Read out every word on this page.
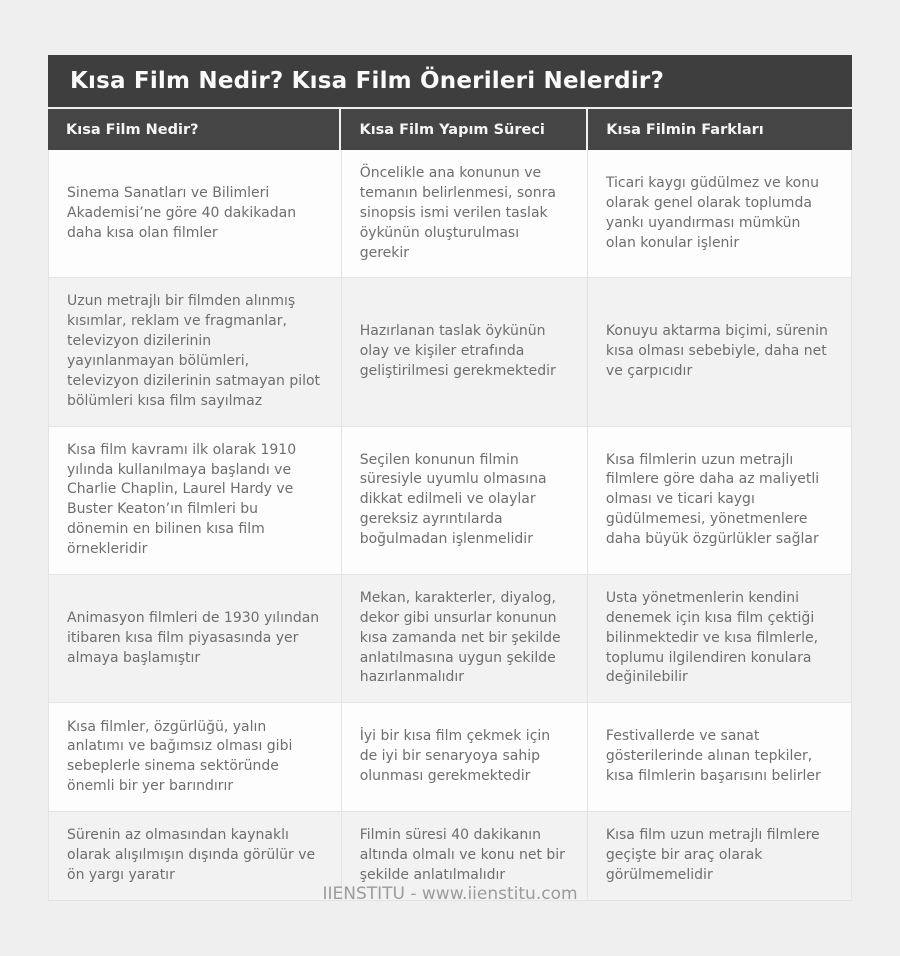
Kısa Film Nedir? Kısa Film Önerileri Nelerdir?
Kısa Film Nedir?	Kısa Film Yapım Süreci	Kısa Filmin Farkları
Sinema Sanatları ve Bilimleri Akademisi’ne göre 40 dakikadan daha kısa olan filmler
Öncelikle ana konunun ve temanın belirlenmesi, sonra sinopsis ismi verilen taslak öykünün oluşturulması gerekir
Ticari kaygı güdülmez ve konu olarak genel olarak toplumda yankı uyandırması mümkün olan konular işlenir
Uzun metrajlı bir filmden alınmış kısımlar, reklam ve fragmanlar, televizyon dizilerinin yayınlanmayan bölümleri, televizyon dizilerinin satmayan pilot bölümleri kısa film sayılmaz
Hazırlanan taslak öykünün olay ve kişiler etrafında geliştirilmesi gerekmektedir
Konuyu aktarma biçimi, sürenin kısa olması sebebiyle, daha net ve çarpıcıdır
Kısa film kavramı ilk olarak 1910 yılında kullanılmaya başlandı ve Charlie Chaplin, Laurel Hardy ve Buster Keaton’ın filmleri bu dönemin en bilinen kısa film örnekleridir
Seçilen konunun filmin süresiyle uyumlu olmasına dikkat edilmeli ve olaylar gereksiz ayrıntılarda boğulmadan işlenmelidir
Kısa filmlerin uzun metrajlı filmlere göre daha az maliyetli olması ve ticari kaygı güdülmemesi, yönetmenlere daha büyük özgürlükler sağlar
Animasyon filmleri de 1930 yılından itibaren kısa film piyasasında yer almaya başlamıştır
Mekan, karakterler, diyalog, dekor gibi unsurlar konunun kısa zamanda net bir şekilde anlatılmasına uygun şekilde hazırlanmalıdır
Usta yönetmenlerin kendini denemek için kısa film çektiği bilinmektedir ve kısa filmlerle, toplumu ilgilendiren konulara değinilebilir
Kısa filmler, özgürlüğü, yalın anlatımı ve bağımsız olması gibi sebeplerle sinema sektöründe önemli bir yer barındırır
İyi bir kısa film çekmek için de iyi bir senaryoya sahip olunması gerekmektedir
Festivallerde ve sanat gösterilerinde alınan tepkiler, kısa filmlerin başarısını belirler
Sürenin az olmasından kaynaklı olarak alışılmışın dışında görülür ve ön yargı yaratır
Filmin süresi 40 dakikanın altında olmalı ve konu net bir şekilde anlatılmalıdır
Kısa film uzun metrajlı filmlere geçişte bir araç olarak görülmemelidir
IIENSTITU - www.iienstitu.com
